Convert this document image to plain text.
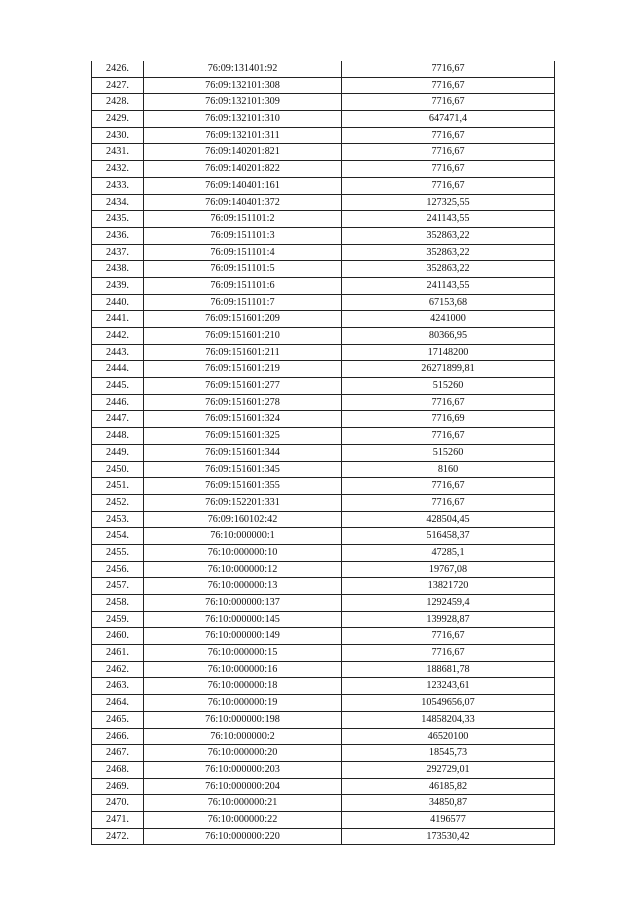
2426.	76:09:131401:92	7716,67
2427.	76:09:132101:308	7716,67
2428.	76:09:132101:309	7716,67
2429.	76:09:132101:310	647471,4
2430.	76:09:132101:311	7716,67
2431.	76:09:140201:821	7716,67
2432.	76:09:140201:822	7716,67
2433.	76:09:140401:161	7716,67
2434.	76:09:140401:372	127325,55
2435.	76:09:151101:2	241143,55
2436.	76:09:151101:3	352863,22
2437.	76:09:151101:4	352863,22
2438.	76:09:151101:5	352863,22
2439.	76:09:151101:6	241143,55
2440.	76:09:151101:7	67153,68
2441.	76:09:151601:209	4241000
2442.	76:09:151601:210	80366,95
2443.	76:09:151601:211	17148200
2444.	76:09:151601:219	26271899,81
2445.	76:09:151601:277	515260
2446.	76:09:151601:278	7716,67
2447.	76:09:151601:324	7716,69
2448.	76:09:151601:325	7716,67
2449.	76:09:151601:344	515260
2450.	76:09:151601:345	8160
2451.	76:09:151601:355	7716,67
2452.	76:09:152201:331	7716,67
2453.	76:09:160102:42	428504,45
2454.	76:10:000000:1	516458,37
2455.	76:10:000000:10	47285,1
2456.	76:10:000000:12	19767,08
2457.	76:10:000000:13	13821720
2458.	76:10:000000:137	1292459,4
2459.	76:10:000000:145	139928,87
2460.	76:10:000000:149	7716,67
2461.	76:10:000000:15	7716,67
2462.	76:10:000000:16	188681,78
2463.	76:10:000000:18	123243,61
2464.	76:10:000000:19	10549656,07
2465.	76:10:000000:198	14858204,33
2466.	76:10:000000:2	46520100
2467.	76:10:000000:20	18545,73
2468.	76:10:000000:203	292729,01
2469.	76:10:000000:204	46185,82
2470.	76:10:000000:21	34850,87
2471.	76:10:000000:22	4196577
2472.	76:10:000000:220	173530,42
